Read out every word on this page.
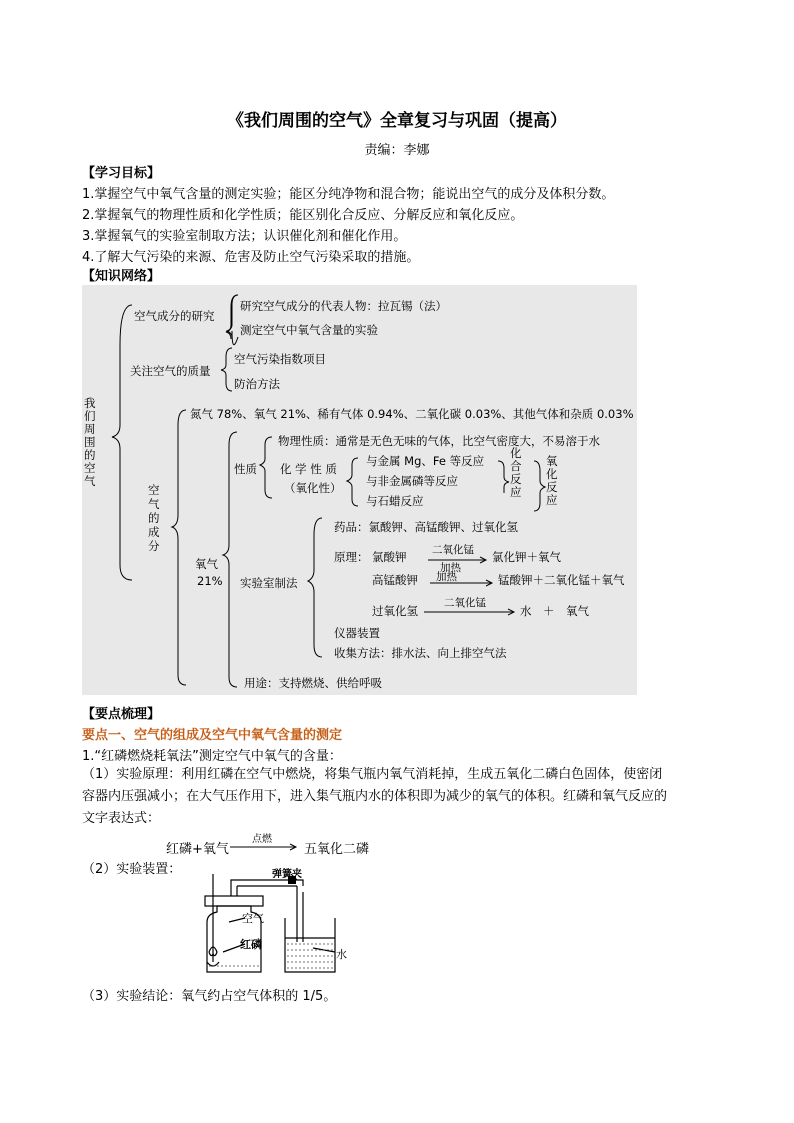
《我们周围的空气》全章复习与巩固（提高）
责编：李娜
【学习目标】
1.掌握空气中氧气含量的测定实验；能区分纯净物和混合物；能说出空气的成分及体积分数。
2.掌握氧气的物理性质和化学性质；能区别化合反应、分解反应和氧化反应。
3.掌握氧气的实验室制取方法；认识催化剂和催化作用。
4.了解大气污染的来源、危害及防止空气污染采取的措施。
【知识网络】
我们周围的空气
空气成分的研究
研究空气成分的代表人物：拉瓦锡（法）
测定空气中氧气含量的实验
关注空气的质量
空气污染指数项目
防治方法
空气的成分
氮气 78%、氧气 21%、稀有气体 0.94%、二氧化碳 0.03%、其他气体和杂质 0.03%
氧气
21%
性质
物理性质：通常是无色无味的气体，比空气密度大，不易溶于水
化 学 性 质
（氧化性）
与金属 Mg、Fe 等反应
与非金属磷等反应
与石蜡反应
化合反应
氧化反应
实验室制法
药品：氯酸钾、高锰酸钾、过氧化氢
原理： 氯酸钾 二氧化锰
加热
氯化钾＋氧气
高锰酸钾 加热	锰酸钾＋二氧化锰＋氧气
过氧化氢
二氧化锰
水　＋　氧气
仪器装置
收集方法：排水法、向上排空气法
用途：支持燃烧、供给呼吸
【要点梳理】
要点一、空气的组成及空气中氧气含量的测定
1.“红磷燃烧耗氧法”测定空气中氧气的含量：
（1）实验原理：利用红磷在空气中燃烧，将集气瓶内氧气消耗掉，生成五氧化二磷白色固体，使密闭
容器内压强减小；在大气压作用下，进入集气瓶内水的体积即为减少的氧气的体积。红磷和氧气反应的
文字表达式：
红磷+氧气
点燃
五氧化二磷
（2）实验装置：	弹簧夹
空气
红磷
水
（3）实验结论：氧气约占空气体积的 1/5。
